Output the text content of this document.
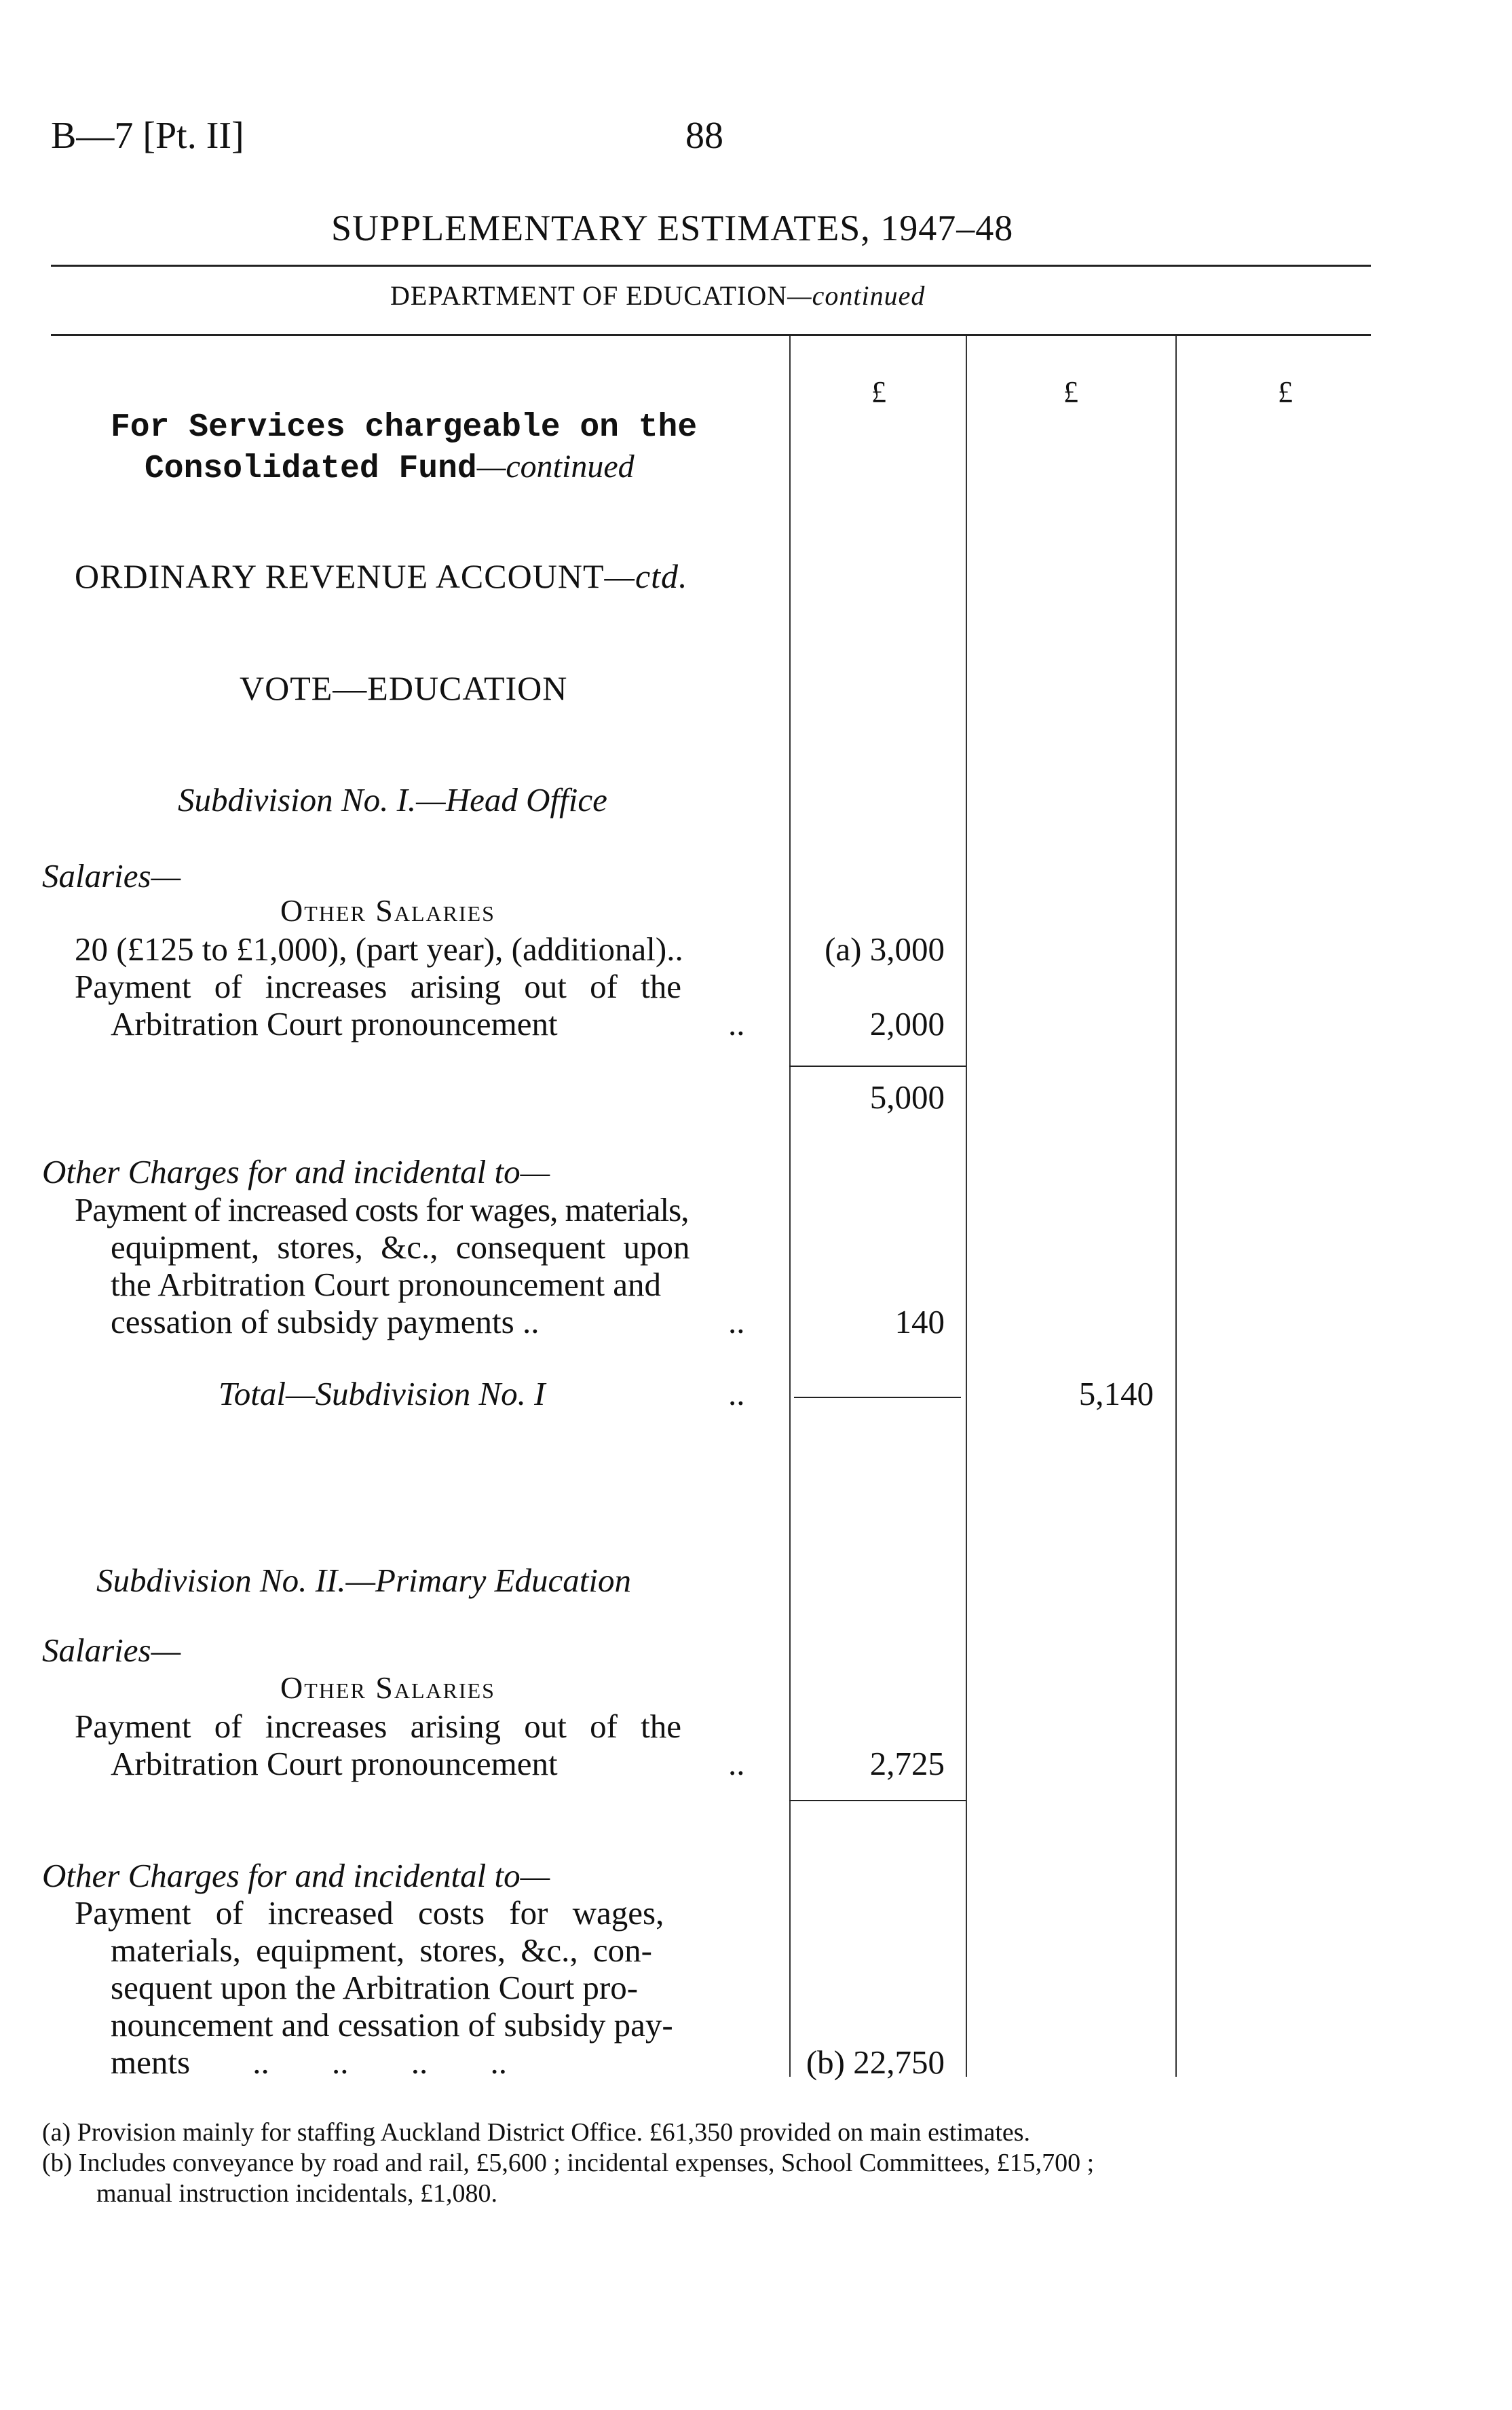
B—7 [Pt. II]	88
SUPPLEMENTARY ESTIMATES, 1947–48
DEPARTMENT OF EDUCATION—continued
£	£	£
For Services chargeable on the
Consolidated Fund—continued
ORDINARY REVENUE ACCOUNT—ctd.
VOTE—EDUCATION
Subdivision No. I.—Head Office
Salaries—
Other Salaries
20 (£125 to £1,000), (part year), (additional)..	(a) 3,000
Payment of increases arising out of the
Arbitration Court pronouncement	..	2,000
5,000
Other Charges for and incidental to—
Payment of increased costs for wages, materials,
equipment, stores, &c., consequent upon
the Arbitration Court pronouncement and
cessation of subsidy payments ..	..	140
Total—Subdivision No. I	..	5,140
Subdivision No. II.—Primary Education
Salaries—
Other Salaries
Payment of increases arising out of the
Arbitration Court pronouncement	..	2,725
Other Charges for and incidental to—
Payment of increased costs for wages,
materials, equipment, stores, &c., con-
sequent upon the Arbitration Court pro-
nouncement and cessation of subsidy pay-
ments .. .. .. ..	(b) 22,750
(a) Provision mainly for staffing Auckland District Office. £61,350 provided on main estimates.
(b) Includes conveyance by road and rail, £5,600 ; incidental expenses, School Committees, £15,700 ;
manual instruction incidentals, £1,080.
